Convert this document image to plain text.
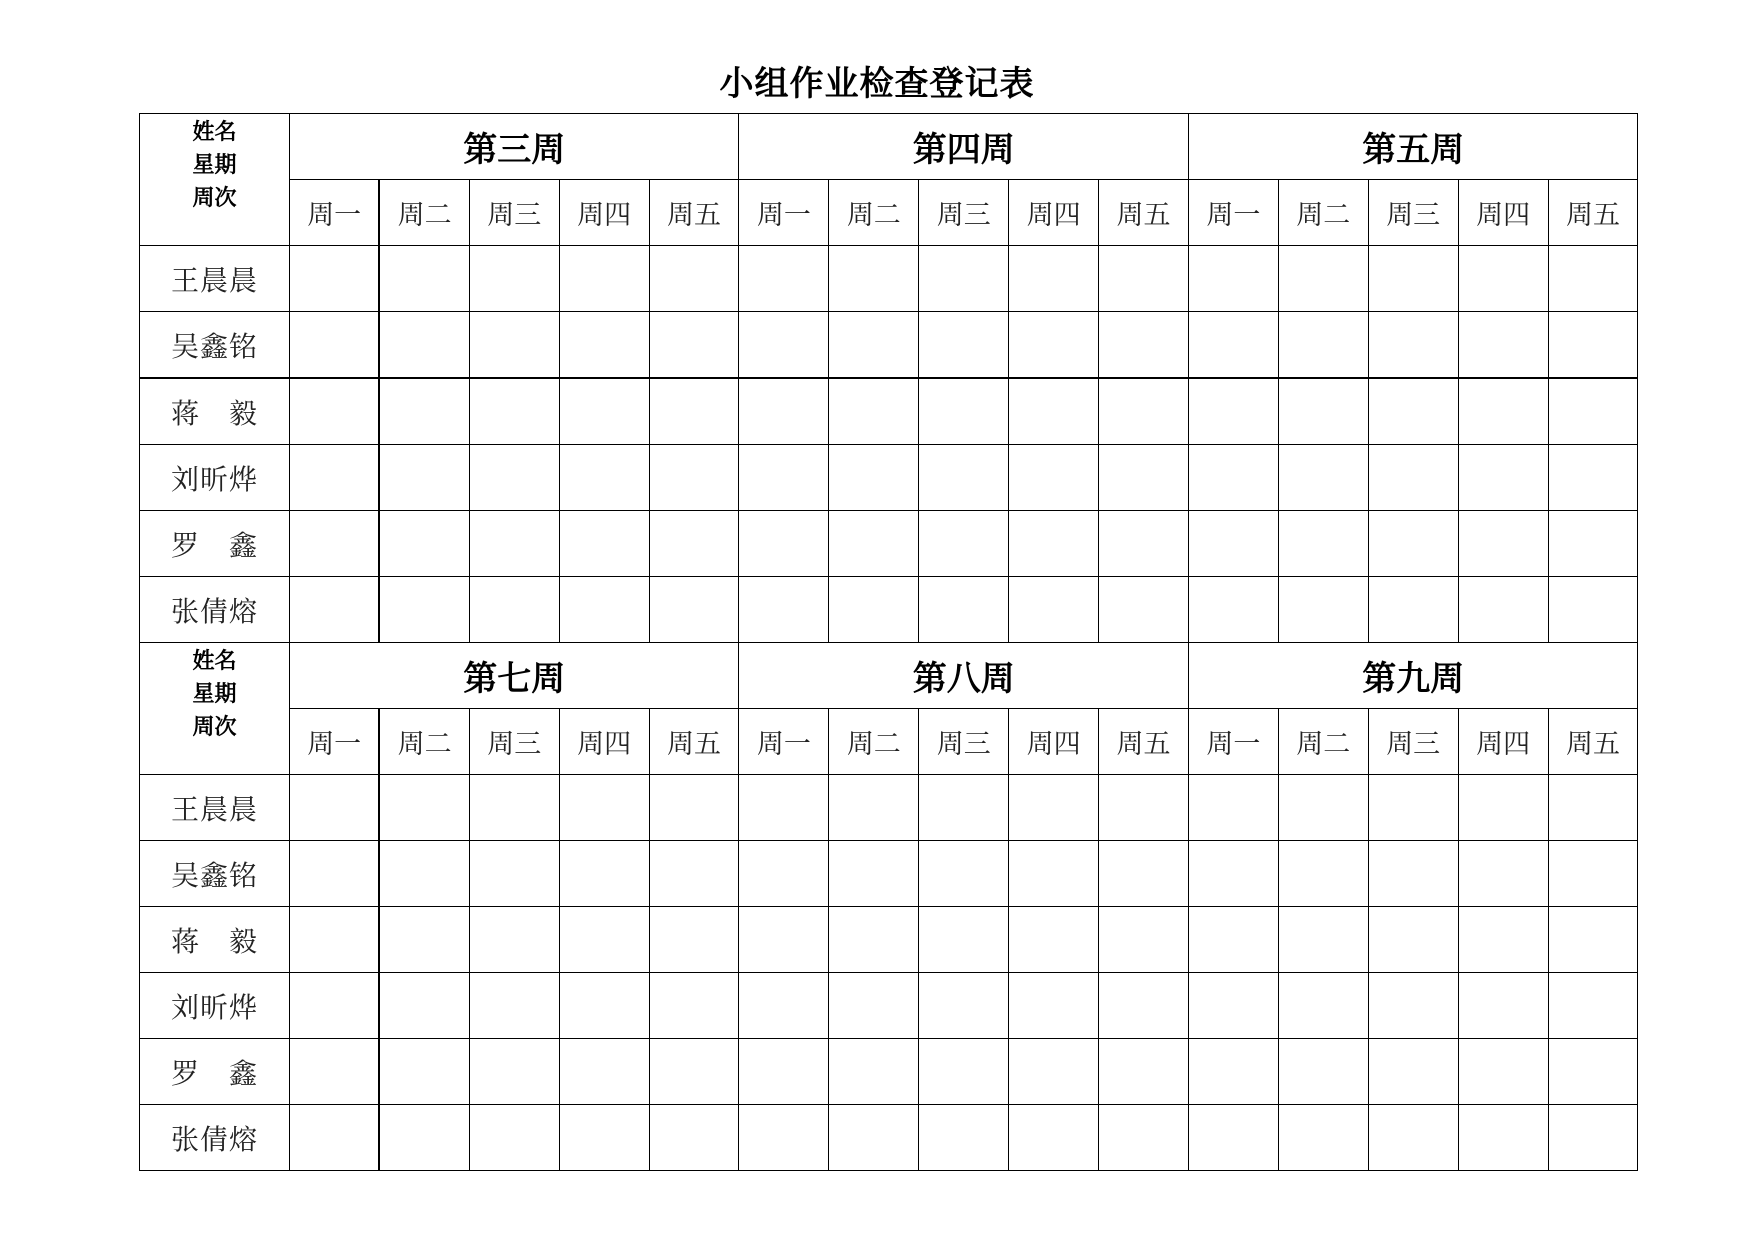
小组作业检查登记表
姓名
星期
周次	第三周					第四周					第五周				
	周一	周二	周三	周四	周五	周一	周二	周三	周四	周五	周一	周二	周三	周四	周五
王晨晨															
吴鑫铭															
蒋　毅															
刘昕烨															
罗　鑫															
张倩熔															

姓名
星期
周次	第七周					第八周					第九周				
	周一	周二	周三	周四	周五	周一	周二	周三	周四	周五	周一	周二	周三	周四	周五
王晨晨															
吴鑫铭															
蒋　毅															
刘昕烨															
罗　鑫															
张倩熔															
